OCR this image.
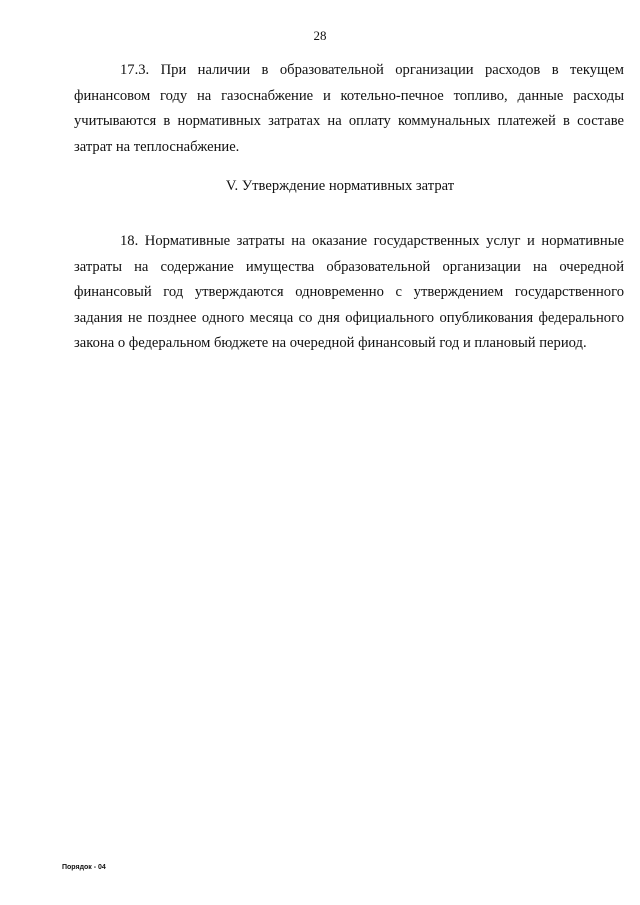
28

17.3. При наличии в образовательной организации расходов в текущем финансовом году на газоснабжение и котельно-печное топливо, данные расходы учитываются в нормативных затратах на оплату коммунальных платежей в составе затрат на теплоснабжение.

V. Утверждение нормативных затрат

18. Нормативные затраты на оказание государственных услуг и нормативные затраты на содержание имущества образовательной организации на очередной финансовый год утверждаются одновременно с утверждением государственного задания не позднее одного месяца со дня официального опубликования федерального закона о федеральном бюджете на очередной финансовый год и плановый период.

Порядок - 04
